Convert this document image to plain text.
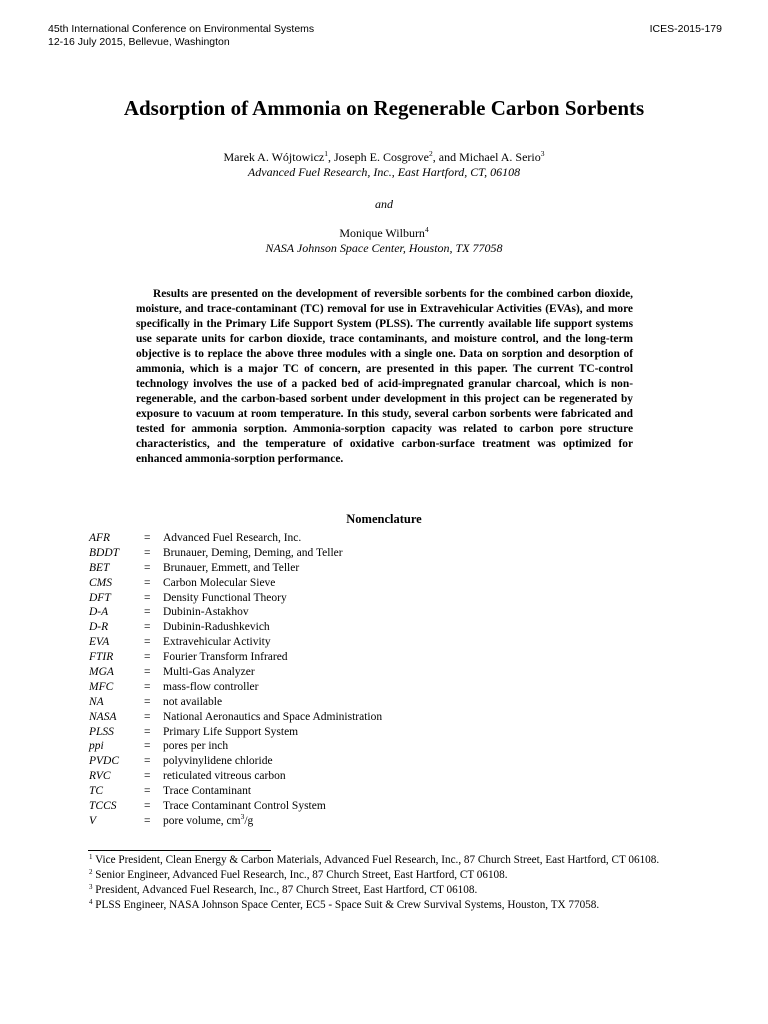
45th International Conference on Environmental Systems
12-16 July 2015, Bellevue, Washington
ICES-2015-179
Adsorption of Ammonia on Regenerable Carbon Sorbents
Marek A. Wójtowicz$^1$, Joseph E. Cosgrove$^2$, and Michael A. Serio$^3$
Advanced Fuel Research, Inc., East Hartford, CT, 06108
and
Monique Wilburn$^4$
NASA Johnson Space Center, Houston, TX 77058

Results are presented on the development of reversible sorbents for the combined carbon dioxide, moisture, and trace-contaminant (TC) removal for use in Extravehicular Activities (EVAs), and more specifically in the Primary Life Support System (PLSS). The currently available life support systems use separate units for carbon dioxide, trace contaminants, and moisture control, and the long-term objective is to replace the above three modules with a single one. Data on sorption and desorption of ammonia, which is a major TC of concern, are presented in this paper. The current TC-control technology involves the use of a packed bed of acid-impregnated granular charcoal, which is non-regenerable, and the carbon-based sorbent under development in this project can be regenerated by exposure to vacuum at room temperature. In this study, several carbon sorbents were fabricated and tested for ammonia sorption. Ammonia-sorption capacity was related to carbon pore structure characteristics, and the temperature of oxidative carbon-surface treatment was optimized for enhanced ammonia-sorption performance.

Nomenclature
AFR	= Advanced Fuel Research, Inc.
BDDT = Brunauer, Deming, Deming, and Teller
BET	= Brunauer, Emmett, and Teller
CMS	= Carbon Molecular Sieve
DFT	= Density Functional Theory
D-A	= Dubinin-Astakhov
D-R	= Dubinin-Radushkevich
EVA	= Extravehicular Activity
FTIR	= Fourier Transform Infrared
MGA	= Multi-Gas Analyzer
MFC	= mass-flow controller
NA	= not available
NASA = National Aeronautics and Space Administration
PLSS	= Primary Life Support System
ppi	= pores per inch
PVDC = polyvinylidene chloride
RVC	= reticulated vitreous carbon
TC	= Trace Contaminant
TCCS = Trace Contaminant Control System
V	= pore volume, $cm^3/g$
$^1$ Vice President, Clean Energy & Carbon Materials, Advanced Fuel Research, Inc., 87 Church Street, East Hartford, CT 06108.
$^2$ Senior Engineer, Advanced Fuel Research, Inc., 87 Church Street, East Hartford, CT 06108.
$^3$ President, Advanced Fuel Research, Inc., 87 Church Street, East Hartford, CT 06108.
$^4$ PLSS Engineer, NASA Johnson Space Center, EC5 - Space Suit & Crew Survival Systems, Houston, TX 77058.
